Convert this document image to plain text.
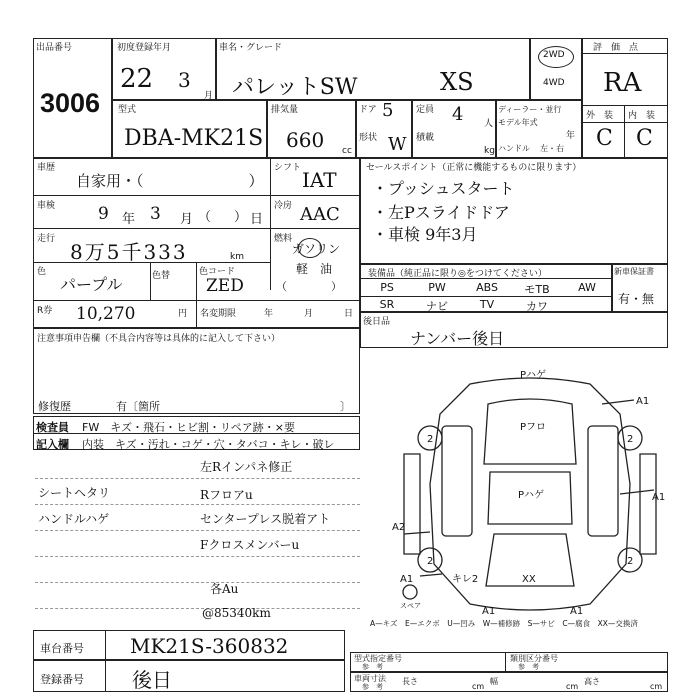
出品番号
3006
初度登録年月
22 3
月
車名・グレード
パレットSW	XS
2WD
4WD
評　価　点
RA
外　装 内　装
C C
型式
DBA-MK21S
排気量
660 cc
ドア 5
形状 W
定員 4 人
積載
kg
ディーラー・並行
モデル年式
年
ハンドル 左・右
車歴
自家用・（　　　　　　　）
シフト IAT
車検	9 年 3 月 （ ） 日
冷房 AAC
走行
8万5千333	km
燃料
ガソリン
軽　油
（　　　　）
色
パープル	色替	色コード
ZED
R券 10,270	円 名変期限	年	月	日
セールスポイント（正常に機能するものに限ります）
・プッシュスタート
・左Pスライドドア
・車検 9年3月
装備品（純正品に限り◎をつけてください）
PS	PW	ABS	モTB	AW
SR	ナビ	TV	カワ
新車保証書
有・無
後日品
ナンバー後日
注意事項申告欄（不具合内容等は具体的に記入して下さい）
修復歴	有〔箇所	〕
検査員 FW　キズ・飛石・ヒビ割・リペア跡・×要
記入欄 内装　キズ・汚れ・コゲ・穴・タバコ・キレ・破レ
左Rインパネ修正
シートヘタリ	Rフロアu
ハンドルハゲ	センタープレス脱着アト
Fクロスメンバーu
各Au
@85340km
Pハゲ
A1
2	2
Pフロ
Pハゲ	A1
A2
2	2
A1	キレ2	XX
スペア	A1	A1
A—キズ　E—エクボ　U—凹み　W—補修跡　S—サビ　C—腐食　XX—交換済
車台番号 MK21S-360832
登録番号 後日
型式指定番号
参　考
類別区分番号
参　考
車両寸法
参　考
長さ
cm
幅
cm
高さ
cm
